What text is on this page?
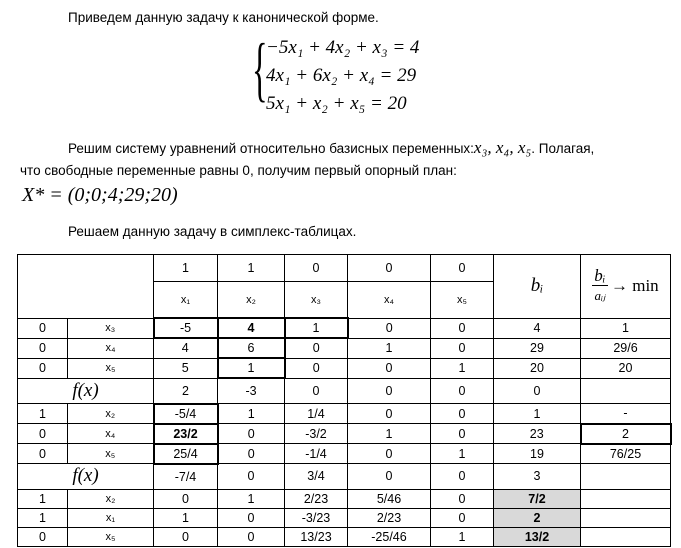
Приведем данную задачу к канонической форме.
{
−5x₁ + 4x₂ + x₃ = 4
4x₁ + 6x₂ + x₄ = 29
5x₁ + x₂ + x₅ = 20
Решим систему уравнений относительно базисных переменных:x₃, x₄, x₅. Полагая,
что свободные переменные равны 0, получим первый опорный план:
X* = (0;0;4;29;20)
Решаем данную задачу в симплекс-таблицах.
		1	1	0	0	0	bᵢ	$\frac{\text{bᵢ}}{\text{aᵢⱼ}} \to \min$
		x₁	x₂	x₃	x₄	x₅		
0	x₃	-5	4	1	0	0	4	1
0	x₄	4	6	0	1	0	29	29/6
0	x₅	5	1	0	0	1	20	20
f(x)		2	-3	0	0	0	0	
1	x₂	-5/4	1	1/4	0	0	1	-
0	x₄	23/2	0	-3/2	1	0	23	2
0	x₅	25/4	0	-1/4	0	1	19	76/25
f(x)		-7/4	0	3/4	0	0	3	
1	x₂	0	1	2/23	5/46	0	7/2	
1	x₁	1	0	-3/23	2/23	0	2	
0	x₅	0	0	13/23	-25/46	1	13/2	
